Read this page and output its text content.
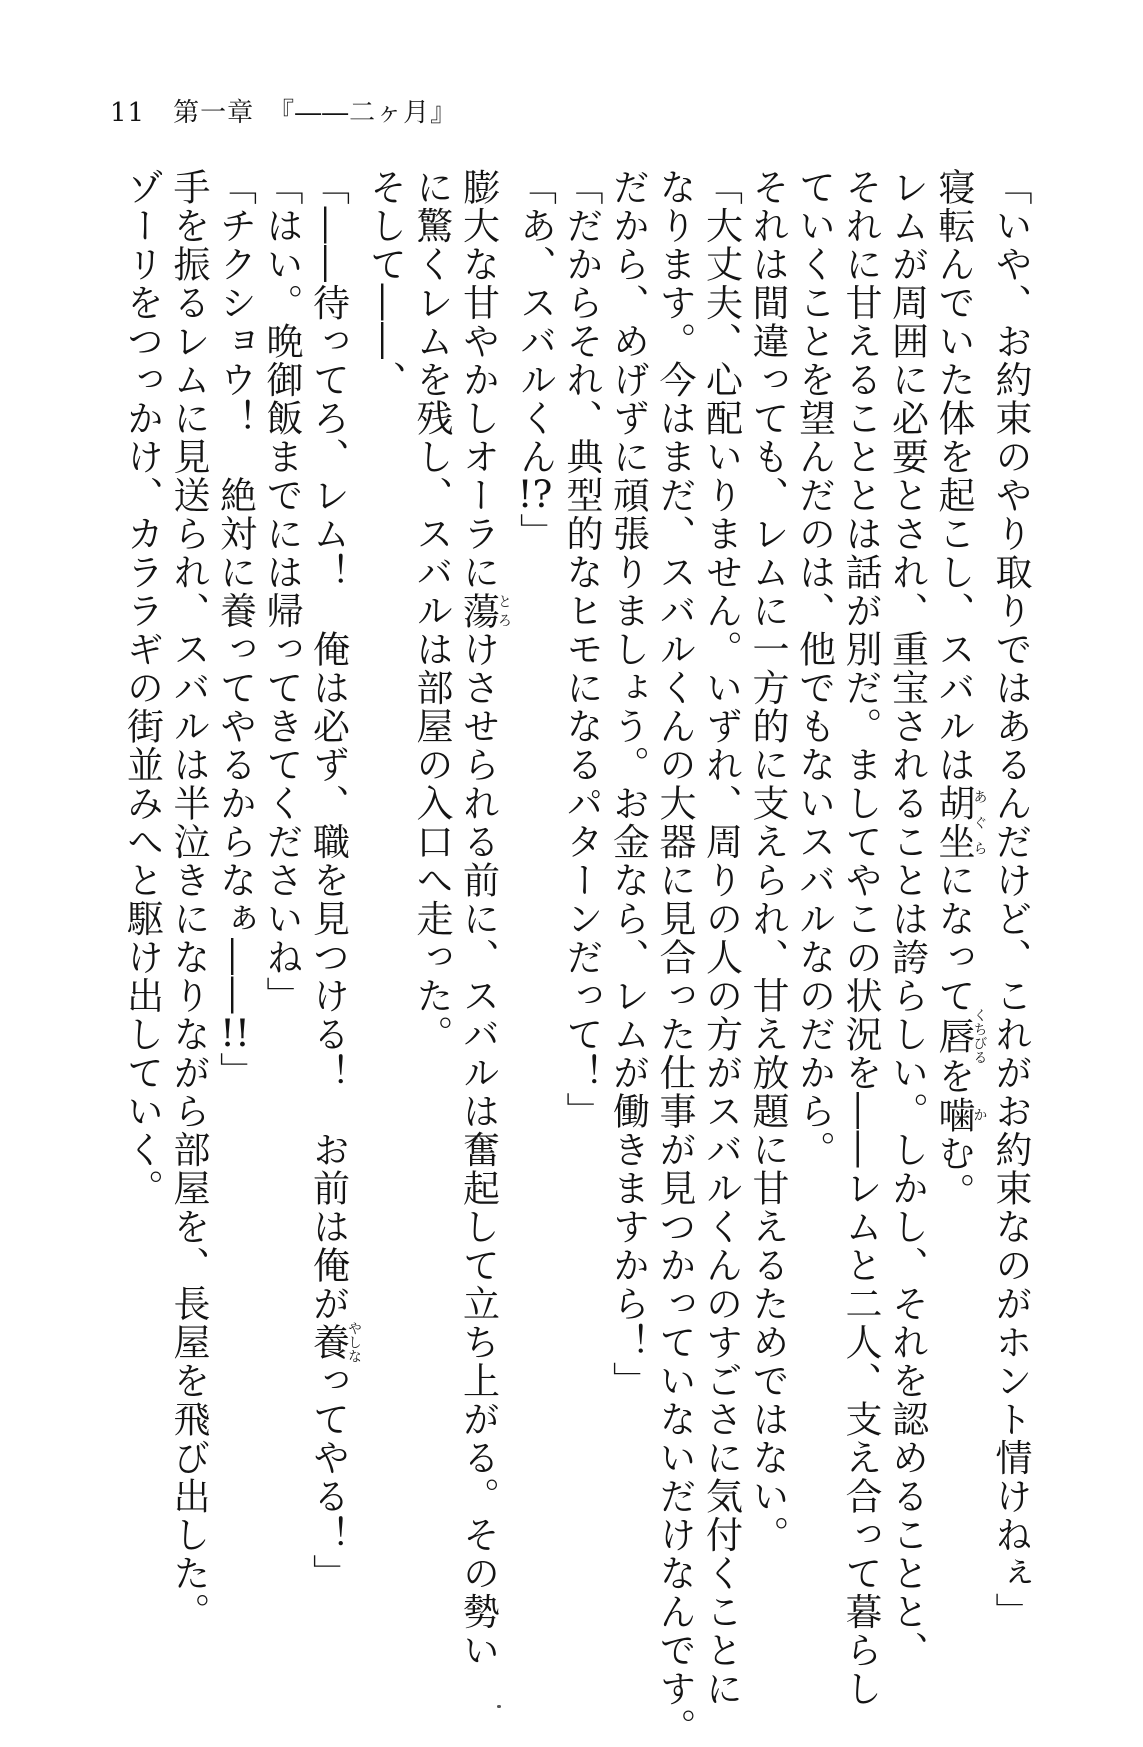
11 第一章 『――二ヶ月』
「いや、お約束のやり取りではあるんだけど、これがお約束なのがホント情けねぇ」
寝転んでいた体を起こし、スバルは胡坐あぐらになって唇くちびるを噛かむ。
レムが周囲に必要とされ、重宝されることは誇らしい。しかし、それを認めることと、
それに甘えることとは話が別だ。ましてやこの状況を――レムと二人、支え合って暮らし
ていくことを望んだのは、他でもないスバルなのだから。
それは間違っても、レムに一方的に支えられ、甘え放題に甘えるためではない。
「大丈夫、心配いりません。いずれ、周りの人の方がスバルくんのすごさに気付くことに
なります。今はまだ、スバルくんの大器に見合った仕事が見つかっていないだけなんです。
だから、めげずに頑張りましょう。お金なら、レムが働きますから！」
「だからそれ、典型的なヒモになるパターンだって！」
「あ、スバルくん!?」
膨大な甘やかしオーラに蕩とろけさせられる前に、スバルは奮起して立ち上がる。その勢い
に驚くレムを残し、スバルは部屋の入口へ走った。
そして――、
「――待ってろ、レム！　俺は必ず、職を見つける！　お前は俺が養やしなってやる！」
「はい。晩御飯までには帰ってきてくださいね」
「チクショウ！　絶対に養ってやるからなぁ――!!」
手を振るレムに見送られ、スバルは半泣きになりながら部屋を、長屋を飛び出した。
ゾーリをつっかけ、カララギの街並みへと駆け出していく。
